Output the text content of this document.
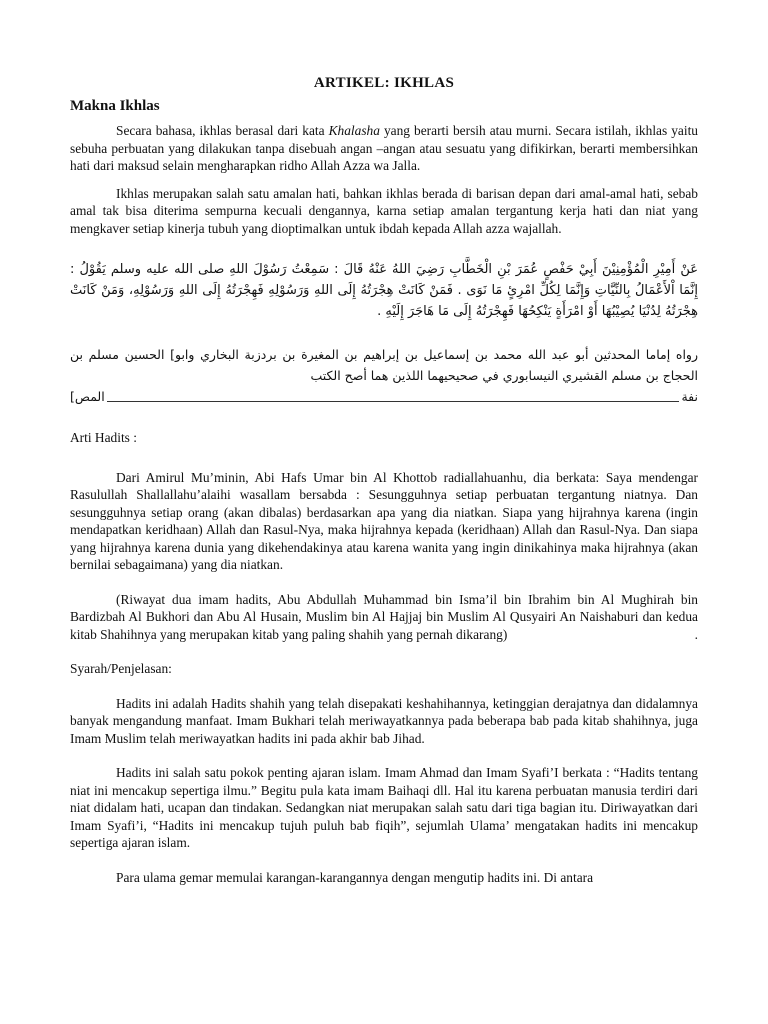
ARTIKEL: IKHLAS
Makna Ikhlas

Secara bahasa, ikhlas berasal dari kata Khalasha yang berarti bersih atau murni. Secara istilah, ikhlas yaitu sebuha perbuatan yang dilakukan tanpa disebuah angan –angan atau sesuatu yang difikirkan, berarti membersihkan hati dari maksud selain mengharapkan ridho Allah Azza wa Jalla.

Ikhlas merupakan salah satu amalan hati, bahkan ikhlas berada di barisan depan dari amal-amal hati, sebab amal tak bisa diterima sempurna kecuali dengannya, karna setiap amalan tergantung kerja hati dan niat yang mengkaver setiap kinerja tubuh yang dioptimalkan untuk ibdah kepada Allah azza wajallah.

عَنْ أَمِيْرِ الْمُؤْمِنِيْنَ أَبِيْ حَفْصٍ عُمَرَ بْنِ الْخَطَّابِ رَضِيَ اللهُ عَنْهُ قَالَ : سَمِعْتُ رَسُوْلَ اللهِ صلى الله عليه وسلم يَقُوْلُ : إِنَّمَا اْلأَعْمَالُ بِالنِّيَّاتِ وَإِنَّمَا لِكُلِّ امْرِئٍ مَا نَوَى . فَمَنْ كَانَتْ هِجْرَتُهُ إِلَى اللهِ وَرَسُوْلِهِ فَهِجْرَتُهُ إِلَى اللهِ وَرَسُوْلِهِ، وَمَنْ كَانَتْ هِجْرَتُهُ لِدُنْيَا يُصِيْبُهَا أَوْ امْرَأَةٍ يَنْكِحُهَا فَهِجْرَتُهُ إِلَى مَا هَاجَرَ إِلَيْهِ .

رواه إماما المحدثين أبو عبد الله محمد بن إسماعيل بن إبراهيم بن المغيرة بن بردزبة البخاري وابو] الحسين مسلم بن الحجاج بن مسلم القشيري النيسابوري في صحيحيهما اللذين هما أصح الكتب

نفة
المص]

Arti Hadits :

Dari Amirul Mu’minin, Abi Hafs Umar bin Al Khottob radiallahuanhu, dia berkata: Saya mendengar Rasulullah Shallallahu’alaihi wasallam bersabda : Sesungguhnya setiap perbuatan tergantung niatnya. Dan sesungguhnya setiap orang (akan dibalas) berdasarkan apa yang dia niatkan. Siapa yang hijrahnya karena (ingin mendapatkan keridhaan) Allah dan Rasul-Nya, maka hijrahnya kepada (keridhaan) Allah dan Rasul-Nya. Dan siapa yang hijrahnya karena dunia yang dikehendakinya atau karena wanita yang ingin dinikahinya maka hijrahnya (akan bernilai sebagaimana) yang dia niatkan.

(Riwayat dua imam hadits, Abu Abdullah Muhammad bin Isma’il bin Ibrahim bin Al Mughirah bin Bardizbah Al Bukhori dan Abu Al Husain, Muslim bin Al Hajjaj bin Muslim Al Qusyairi An Naishaburi dan kedua kitab Shahihnya yang merupakan kitab yang paling shahih yang pernah dikarang)	.

Syarah/Penjelasan:

Hadits ini adalah Hadits shahih yang telah disepakati keshahihannya, ketinggian derajatnya dan didalamnya banyak mengandung manfaat. Imam Bukhari telah meriwayatkannya pada beberapa bab pada kitab shahihnya, juga Imam Muslim telah meriwayatkan hadits ini pada akhir bab Jihad.

Hadits ini salah satu pokok penting ajaran islam. Imam Ahmad dan Imam Syafi’I berkata : “Hadits tentang niat ini mencakup sepertiga ilmu.” Begitu pula kata imam Baihaqi dll. Hal itu karena perbuatan manusia terdiri dari niat didalam hati, ucapan dan tindakan. Sedangkan niat merupakan salah satu dari tiga bagian itu. Diriwayatkan dari Imam Syafi’i, “Hadits ini mencakup tujuh puluh bab fiqih”, sejumlah Ulama’ mengatakan hadits ini mencakup sepertiga ajaran islam.

Para ulama gemar memulai karangan-karangannya dengan mengutip hadits ini. Di antara
